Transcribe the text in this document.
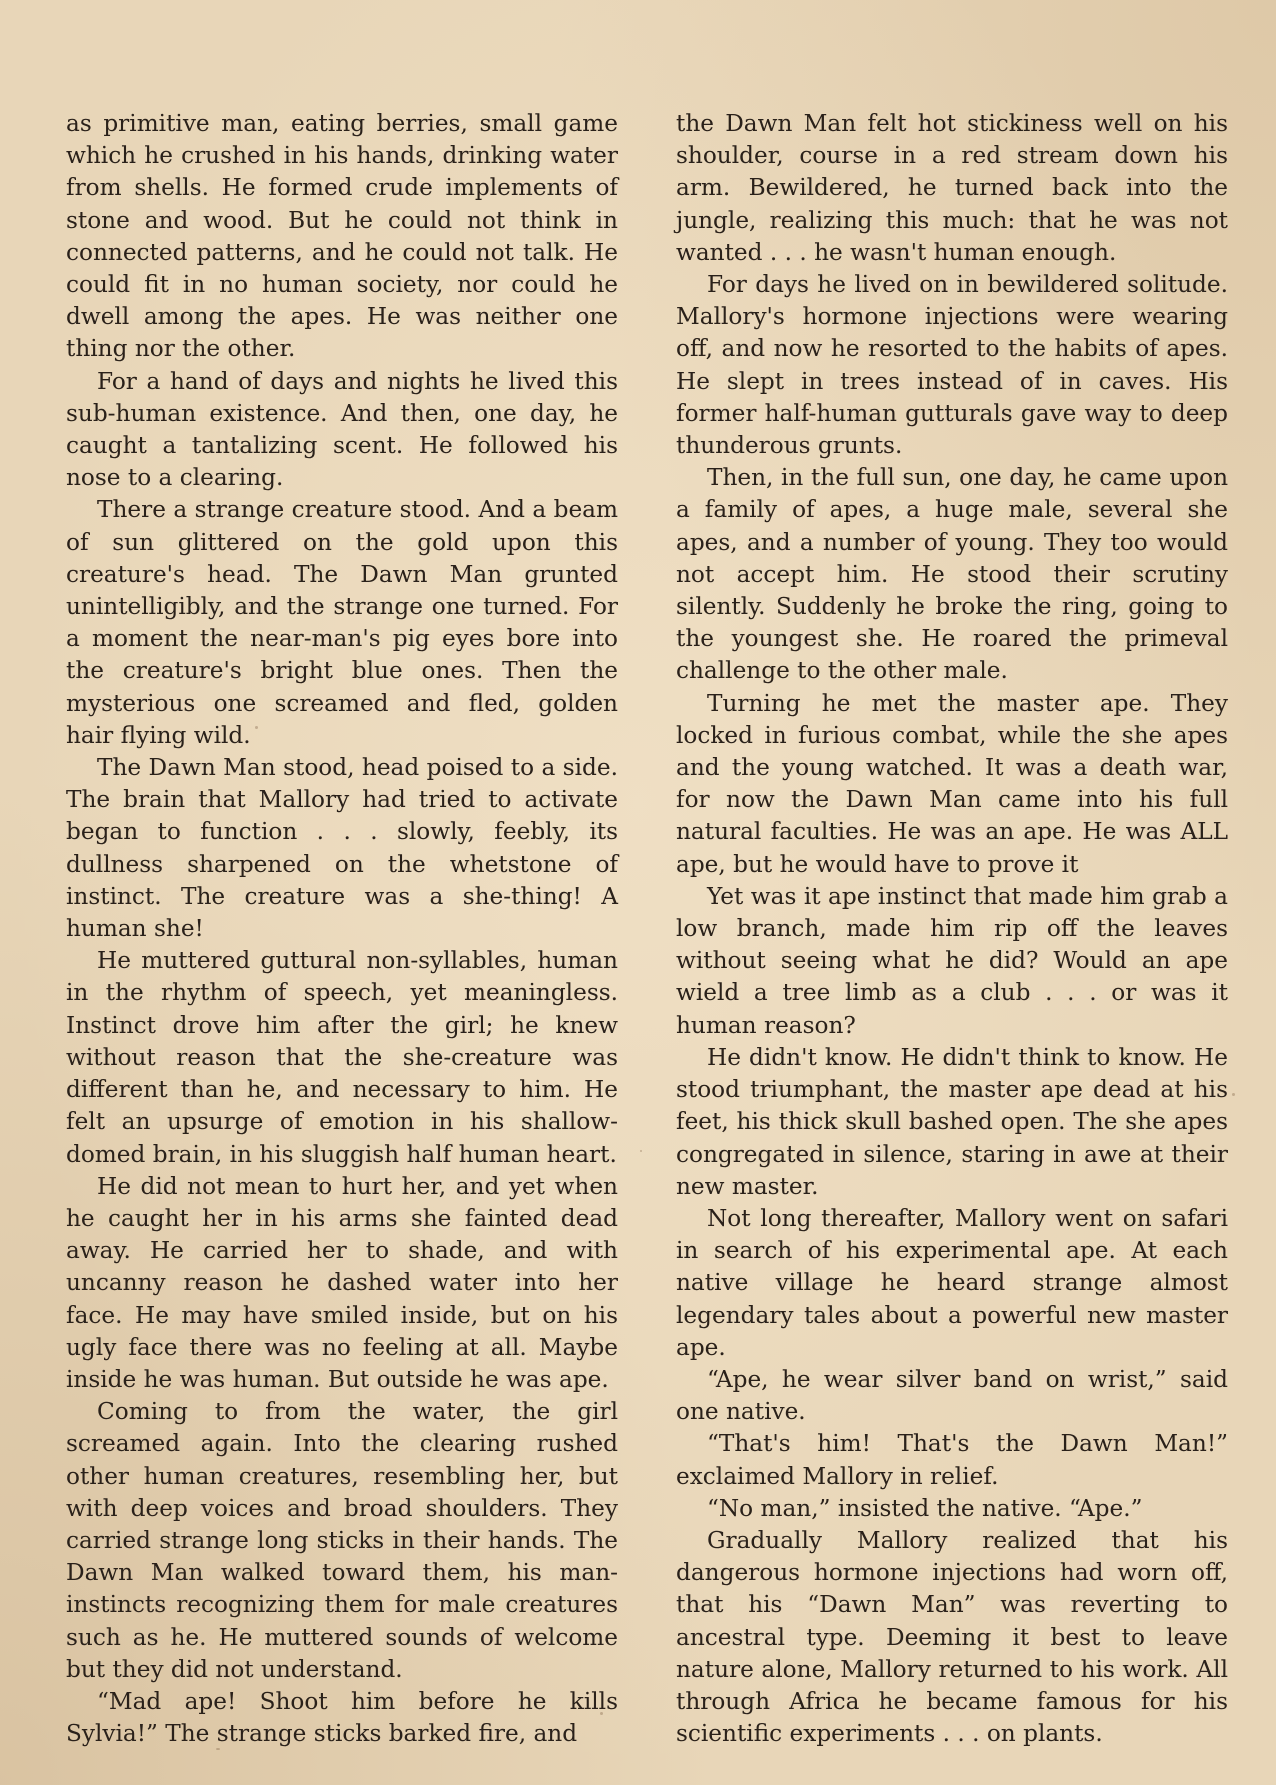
as primitive man, eating berries, small game which he crushed in his hands, drinking water from shells. He formed crude implements of stone and wood. But he could not think in connected patterns, and he could not talk. He could fit in no human society, nor could he dwell among the apes. He was neither one thing nor the other.

For a hand of days and nights he lived this sub-human existence. And then, one day, he caught a tantalizing scent. He followed his nose to a clearing.

There a strange creature stood. And a beam of sun glittered on the gold upon this creature's head. The Dawn Man grunted unintelligibly, and the strange one turned. For a moment the near-man's pig eyes bore into the creature's bright blue ones. Then the mysterious one screamed and fled, golden hair flying wild.

The Dawn Man stood, head poised to a side. The brain that Mallory had tried to activate began to function . . . slowly, feebly, its dullness sharpened on the whetstone of instinct. The creature was a she-thing! A human she!

He muttered guttural non-syllables, human in the rhythm of speech, yet meaningless. Instinct drove him after the girl; he knew without reason that the she-creature was different than he, and necessary to him. He felt an upsurge of emotion in his shallow-domed brain, in his sluggish half human heart.

He did not mean to hurt her, and yet when he caught her in his arms she fainted dead away. He carried her to shade, and with uncanny reason he dashed water into her face. He may have smiled inside, but on his ugly face there was no feeling at all. Maybe inside he was human. But outside he was ape.

Coming to from the water, the girl screamed again. Into the clearing rushed other human creatures, resembling her, but with deep voices and broad shoulders. They carried strange long sticks in their hands. The Dawn Man walked toward them, his man-instincts recognizing them for male creatures such as he. He muttered sounds of welcome but they did not understand.

“Mad ape! Shoot him before he kills Sylvia!” The strange sticks barked fire, and

the Dawn Man felt hot stickiness well on his shoulder, course in a red stream down his arm. Bewildered, he turned back into the jungle, realizing this much: that he was not wanted . . . he wasn't human enough.

For days he lived on in bewildered solitude. Mallory's hormone injections were wearing off, and now he resorted to the habits of apes. He slept in trees instead of in caves. His former half-human gutturals gave way to deep thunderous grunts.

Then, in the full sun, one day, he came upon a family of apes, a huge male, several she apes, and a number of young. They too would not accept him. He stood their scrutiny silently. Suddenly he broke the ring, going to the youngest she. He roared the primeval challenge to the other male.

Turning he met the master ape. They locked in furious combat, while the she apes and the young watched. It was a death war, for now the Dawn Man came into his full natural faculties. He was an ape. He was ALL ape, but he would have to prove it

Yet was it ape instinct that made him grab a low branch, made him rip off the leaves without seeing what he did? Would an ape wield a tree limb as a club . . . or was it human reason?

He didn't know. He didn't think to know. He stood triumphant, the master ape dead at his feet, his thick skull bashed open. The she apes congregated in silence, staring in awe at their new master.

Not long thereafter, Mallory went on safari in search of his experimental ape. At each native village he heard strange almost legendary tales about a powerful new master ape.

“Ape, he wear silver band on wrist,” said one native.

“That's him! That's the Dawn Man!” exclaimed Mallory in relief.

“No man,” insisted the native. “Ape.”

Gradually Mallory realized that his dangerous hormone injections had worn off, that his “Dawn Man” was reverting to ancestral type. Deeming it best to leave nature alone, Mallory returned to his work. All through Africa he became famous for his scientific experiments . . . on plants.
